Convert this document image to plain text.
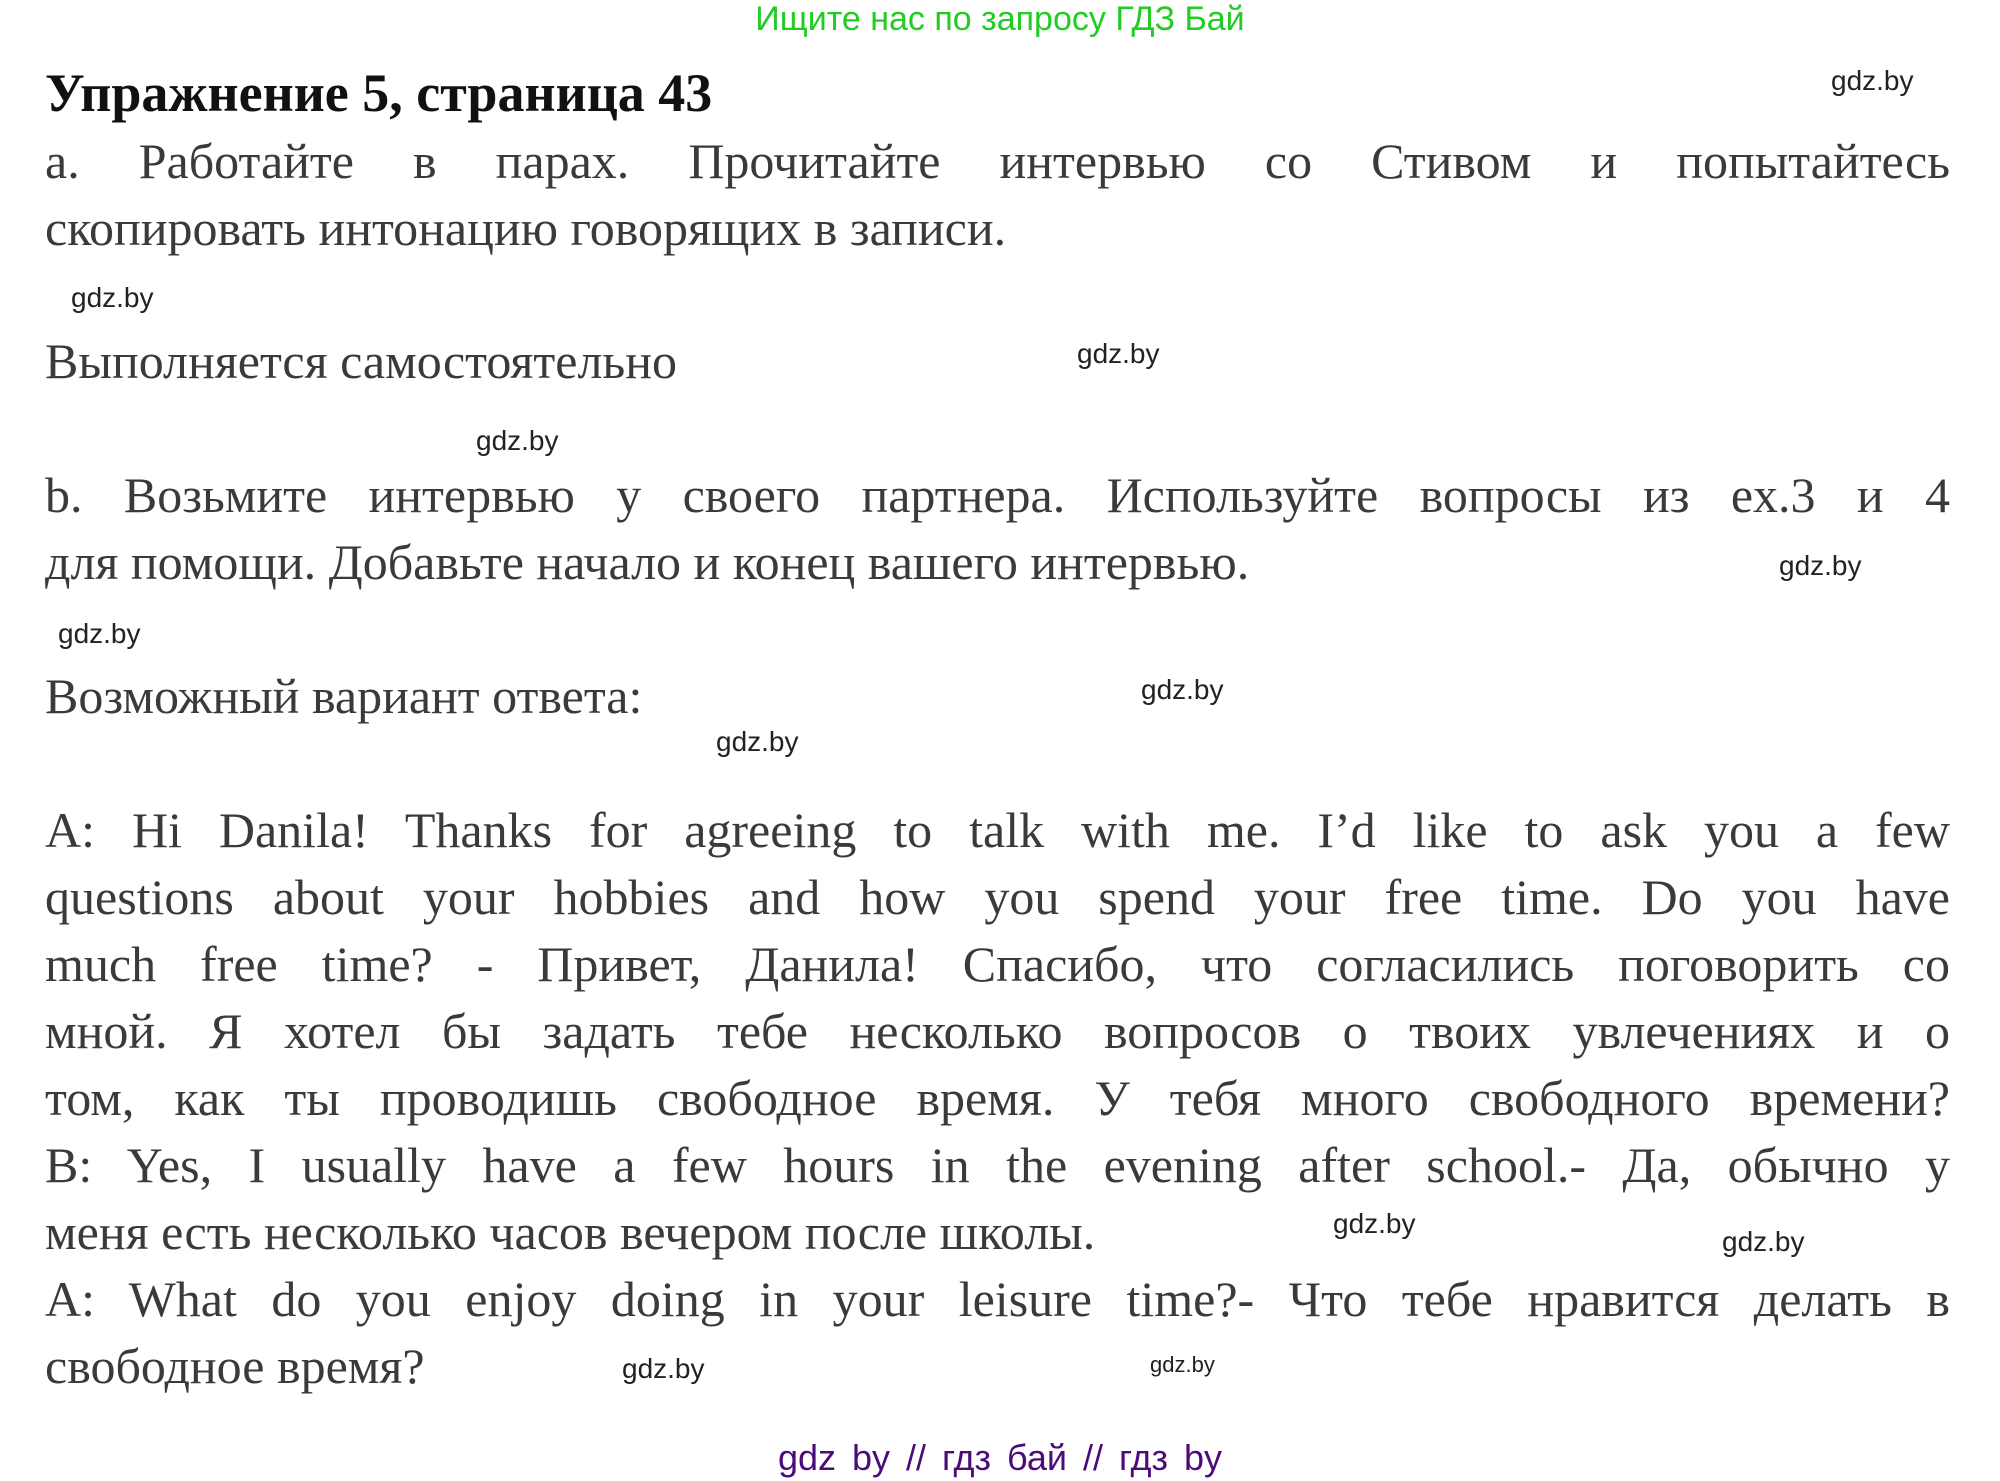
Ищите нас по запросу ГДЗ Бай
Упражнение 5, страница 43
a. Работайте в парах. Прочитайте интервью со Стивом и попытайтесь
скопировать интонацию говорящих в записи.
Выполняется самостоятельно
b. Возьмите интервью у своего партнера. Используйте вопросы из ex.3 и 4
для помощи. Добавьте начало и конец вашего интервью.
Возможный вариант ответа:
A: Hi Danila! Thanks for agreeing to talk with me. I’d like to ask you a few
questions about your hobbies and how you spend your free time. Do you have
much free time? - Привет, Данила! Спасибо, что согласились поговорить со
мной. Я хотел бы задать тебе несколько вопросов о твоих увлечениях и о
том, как ты проводишь свободное время. У тебя много свободного времени?
B: Yes, I usually have a few hours in the evening after school.- Да, обычно у
меня есть несколько часов вечером после школы.
A: What do you enjoy doing in your leisure time?- Что тебе нравится делать в
свободное время?
gdz.by
gdz.by
gdz.by
gdz.by
gdz.by
gdz.by
gdz.by
gdz.by
gdz.by
gdz.by
gdz.by
gdz.by
gdz by // гдз бай // гдз by
